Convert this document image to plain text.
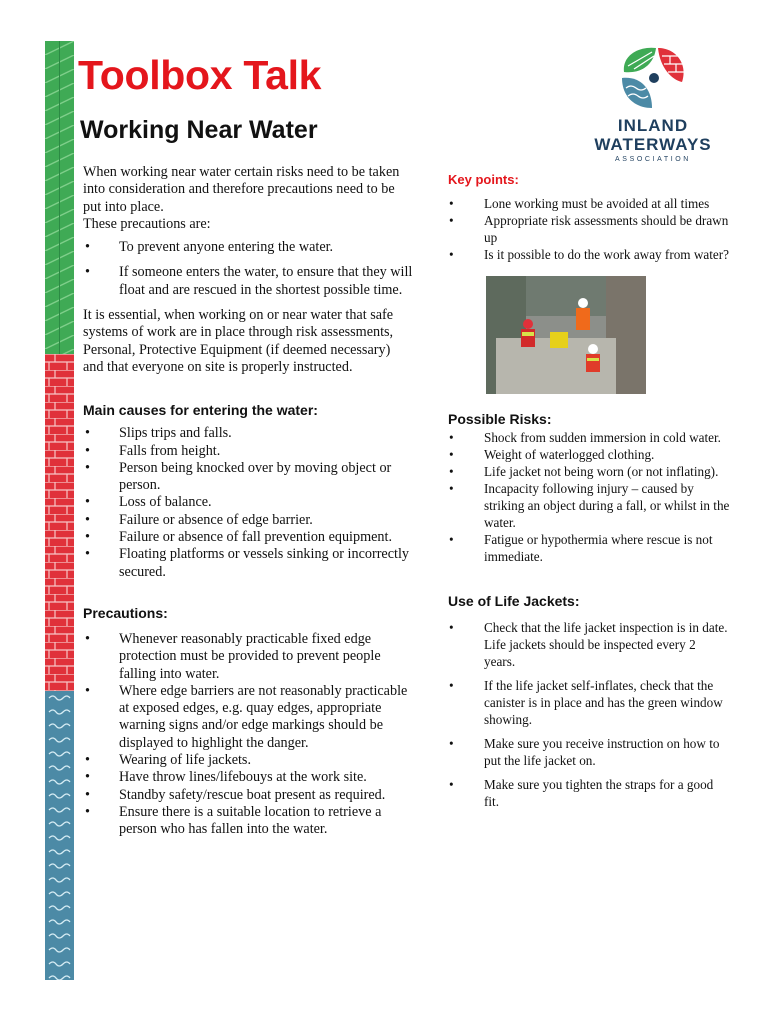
Toolbox Talk
Working Near Water	INLAND
WATERWAYS
ASSOCIATION

When working near water certain risks need to be taken into consideration and therefore precautions need to be put into place.

These precautions are:

• To prevent anyone entering the water.
• If someone enters the water, to ensure that they will float and are rescued in the shortest possible time.

It is essential, when working on or near water that safe systems of work are in place through risk assessments, Personal, Protective Equipment (if deemed necessary) and that everyone on site is properly instructed.

Main causes for entering the water:
• Slips trips and falls.
• Falls from height.
• Person being knocked over by moving object or person.
• Loss of balance.
• Failure or absence of edge barrier.
• Failure or absence of fall prevention equipment.
• Floating platforms or vessels sinking or incorrectly secured.
Precautions:
• Whenever reasonably practicable fixed edge protection must be provided to prevent people falling into water.
• Where edge barriers are not reasonably practicable at exposed edges, e.g. quay edges, appropriate warning signs and/or edge markings should be displayed to highlight the danger.
• Wearing of life jackets.
• Have throw lines/lifebouys at the work site.
• Standby safety/rescue boat present as required.
• Ensure there is a suitable location to retrieve a person who has fallen into the water.
Key points:
• Lone working must be avoided at all times
• Appropriate risk assessments should be drawn up
• Is it possible to do the work away from water?
Possible Risks:
• Shock from sudden immersion in cold water.
• Weight of waterlogged clothing.
• Life jacket not being worn (or not inflating).
• Incapacity following injury – caused by striking an object during a fall, or whilst in the water.
• Fatigue or hypothermia where rescue is not immediate.
Use of Life Jackets:
• Check that the life jacket inspection is in date. Life jackets should be inspected every 2 years.
• If the life jacket self-inflates, check that the canister is in place and has the green window showing.
• Make sure you receive instruction on how to put the life jacket on.
• Make sure you tighten the straps for a good fit.
